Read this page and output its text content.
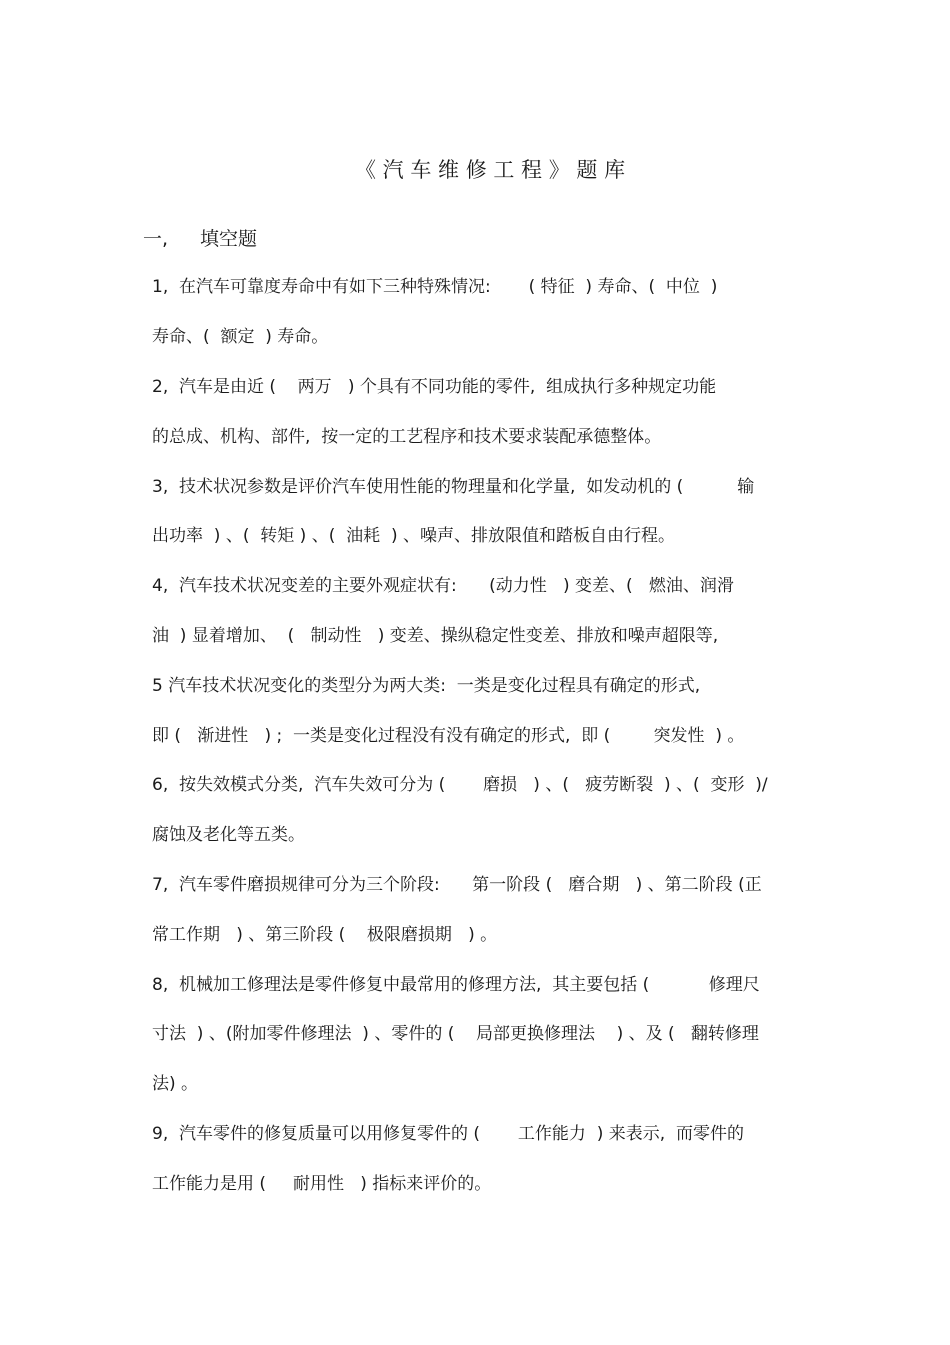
《 汽 车 维 修 工 程 》 题 库
一, 填空题
1,  在汽车可靠度寿命中有如下三种特殊情况:       ( 特征  ) 寿命、(  中位  )
寿命、(  额定  ) 寿命。
2,  汽车是由近 (    两万   ) 个具有不同功能的零件,  组成执行多种规定功能
的总成、机构、部件,  按一定的工艺程序和技术要求装配承德整体。
3,  技术状况参数是评价汽车使用性能的物理量和化学量,  如发动机的 (          输
出功率  ) 、(  转矩 ) 、(  油耗  ) 、噪声、排放限值和踏板自由行程。
4,  汽车技术状况变差的主要外观症状有:      (动力性   ) 变差、(   燃油、润滑
油  ) 显着增加、  (   制动性   ) 变差、操纵稳定性变差、排放和噪声超限等,
5 汽车技术状况变化的类型分为两大类:  一类是变化过程具有确定的形式,
即 (   渐进性   ) ;  一类是变化过程没有没有确定的形式,  即 (        突发性  ) 。
6,  按失效模式分类,  汽车失效可分为 (       磨损   ) 、(   疲劳断裂  ) 、(  变形  )/
腐蚀及老化等五类。
7,  汽车零件磨损规律可分为三个阶段:      第一阶段 (   磨合期   ) 、第二阶段 (正
常工作期   ) 、第三阶段 (    极限磨损期   ) 。
8,  机械加工修理法是零件修复中最常用的修理方法,  其主要包括 (           修理尺
寸法  ) 、(附加零件修理法  ) 、零件的 (    局部更换修理法    ) 、及 (   翻转修理
法) 。
9,  汽车零件的修复质量可以用修复零件的 (       工作能力  ) 来表示,  而零件的
工作能力是用 (     耐用性   ) 指标来评价的。
